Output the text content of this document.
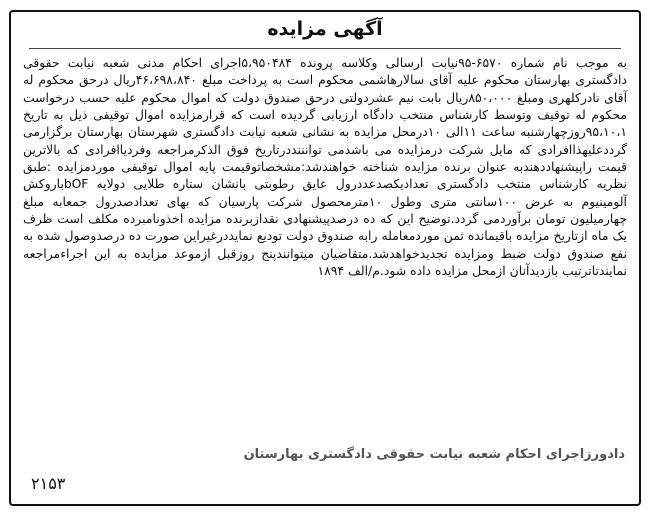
آگهی مزایده
به موجب نام شماره ۶۵۷۰-۹۵نیابت ارسالی وکلاسه پرونده ۵،۹۵۰۴۸۴اجرای احکام مدنی شعبه نیابت حقوقی دادگستری بهارستان محکوم علیه آقای سالارهاشمی محکوم است به پرداخت مبلغ ۴۶،۶۹۸،۸۴۰ریال درحق محکوم له آقای نادرکلهری ومبلغ ۸۵۰،۰۰۰ریال بابت نیم عشردولتی درحق صندوق دولت که اموال محکوم علیه حسب درخواست محکوم له توقیف وتوسط کارشناس منتخب دادگاه ارزیابی گردیده است که قرارمزایده اموال توقیفی ذیل به تاریخ ۹۵،۱۰،۱روزچهارشنبه ساعت ۱۱الی ۱۰درمحل مزایده به نشانی شعبه نیابت دادگستری شهرستان بهارستان برگزارمی گرددعلیهذاافرادی که مایل شرکت درمزایده می باشدمی توانننددرتاریخ فوق الذکرمراجعه وفردیاافرادی که بالاترین قیمت راپیشنهاددهندبه عنوان برنده مزایده شناخته خواهندشد:مشخصاتوقیمت پایه اموال توقیفی موردمزایده :طبق نظریه کارشناس منتخب دادگستری تعدادیکصدعددرول عایق رطوبتی بانشان ستاره طلایی دولایه bOFباروکش آلومینیوم به عرض ۱۰۰سانتی متری وطول ۱۰مترمحصول شرکت پارسیان که بهای تعدادصدرول جمعابه مبلغ چهارمیلیون تومان برآوردمی گردد.توضیح این که ده درصدپیشنهادی نقدازبرنده مزایده اخذونامبرده مکلف است ظرف یک ماه ازتاریخ مزایده باقیمانده ثمن موردمعامله رابه صندوق دولت تودیع نمایددرغیراین صورت ده درصدوصول شده به نفع صندوق دولت ضبط ومزایده تجدیدخواهدشد.متقاضیان میتوانندپنج روزقبل ازموعد مزایده به این اجراءمراجعه نمایندتاترتیب بازدیدآنان ازمحل مزایده داده شود.م/الف ۱۸۹۴
دادورزاجرای احکام شعبه نیابت حقوقی دادگستری بهارستان
۲۱۵۳
